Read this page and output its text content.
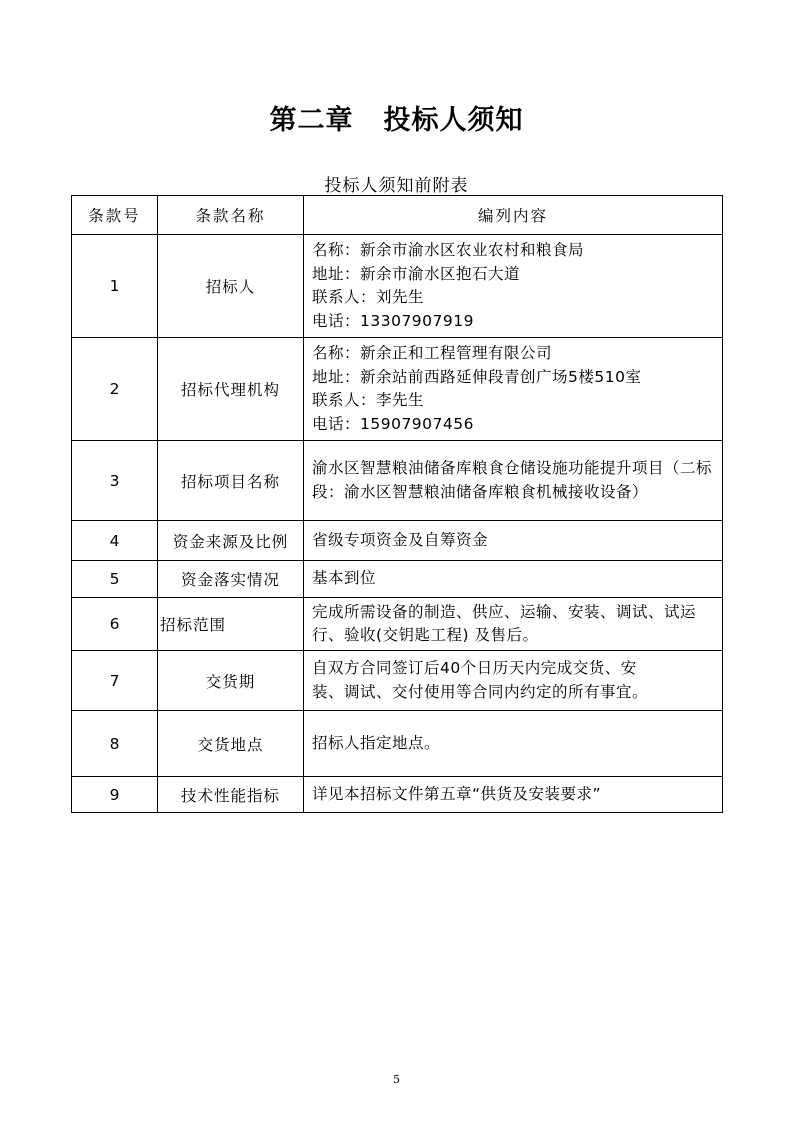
第二章 投标人须知
投标人须知前附表
条款号	条款名称	编列内容
1	招标人	名称：新余市渝水区农业农村和粮食局
地址：新余市渝水区抱石大道
联系人：刘先生
电话：13307907919

2	招标代理机构	名称：新余正和工程管理有限公司
地址：新余站前西路延伸段青创广场5楼510室
联系人：李先生
电话：15907907456

3	招标项目名称	渝水区智慧粮油储备库粮食仓储设施功能提升项目（二标段：渝水区智慧粮油储备库粮食机械接收设备）

4	资金来源及比例	省级专项资金及自筹资金

5	资金落实情况	基本到位

6	招标范围	完成所需设备的制造、供应、运输、安装、调试、试运行、验收(交钥匙工程) 及售后。

7	交货期	自双方合同签订后40个日历天内完成交货、安
装、调试、交付使用等合同内约定的所有事宜。

8	交货地点	招标人指定地点。

9	技术性能指标	详见本招标文件第五章“供货及安装要求”
5
